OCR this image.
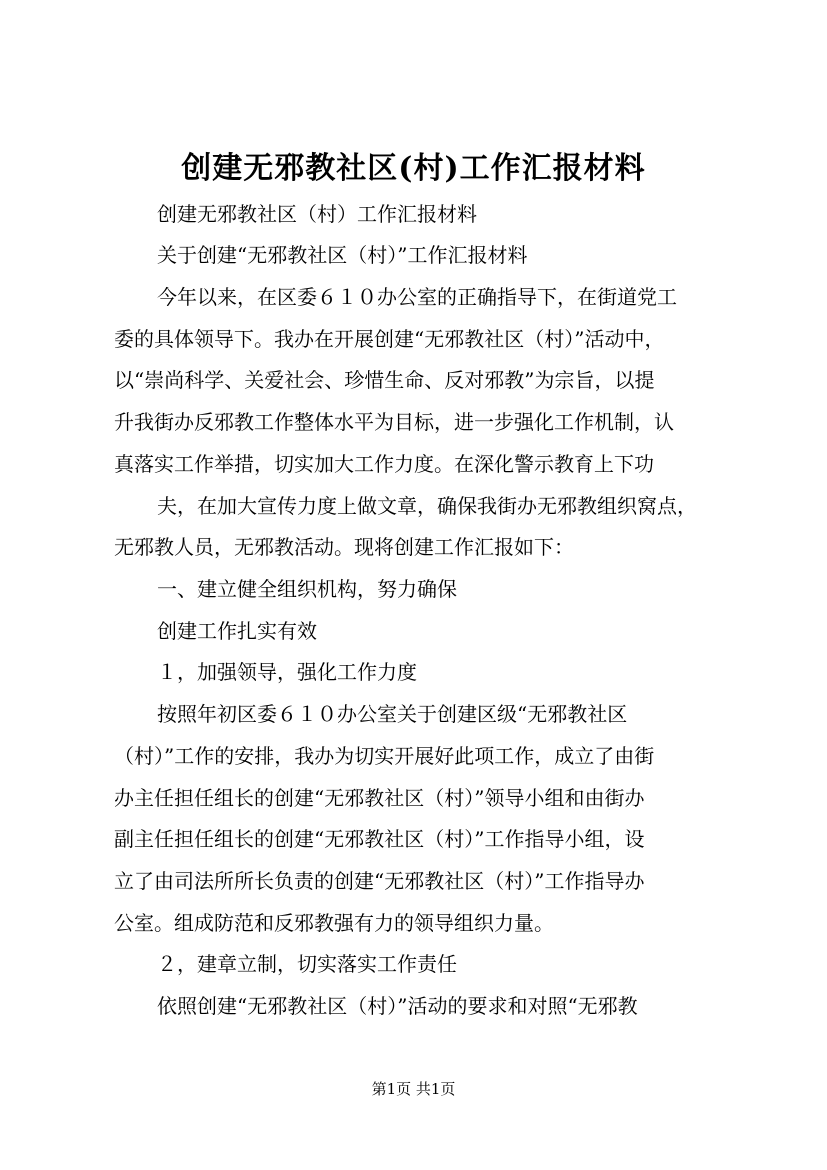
创建无邪教社区(村)工作汇报材料
创建无邪教社区（村）工作汇报材料
关于创建“无邪教社区（村）”工作汇报材料
今年以来，在区委６１０办公室的正确指导下，在街道党工
委的具体领导下。我办在开展创建“无邪教社区（村）”活动中，
以“崇尚科学、关爱社会、珍惜生命、反对邪教”为宗旨，以提
升我街办反邪教工作整体水平为目标，进一步强化工作机制，认
真落实工作举措，切实加大工作力度。在深化警示教育上下功
夫，在加大宣传力度上做文章，确保我街办无邪教组织窝点，
无邪教人员，无邪教活动。现将创建工作汇报如下：
一、建立健全组织机构，努力确保
创建工作扎实有效
１，加强领导，强化工作力度
按照年初区委６１０办公室关于创建区级“无邪教社区
（村）”工作的安排，我办为切实开展好此项工作，成立了由街
办主任担任组长的创建“无邪教社区（村）”领导小组和由街办
副主任担任组长的创建“无邪教社区（村）”工作指导小组，设
立了由司法所所长负责的创建“无邪教社区（村）”工作指导办
公室。组成防范和反邪教强有力的领导组织力量。
２，建章立制，切实落实工作责任
依照创建“无邪教社区（村）”活动的要求和对照“无邪教
第1页 共1页
